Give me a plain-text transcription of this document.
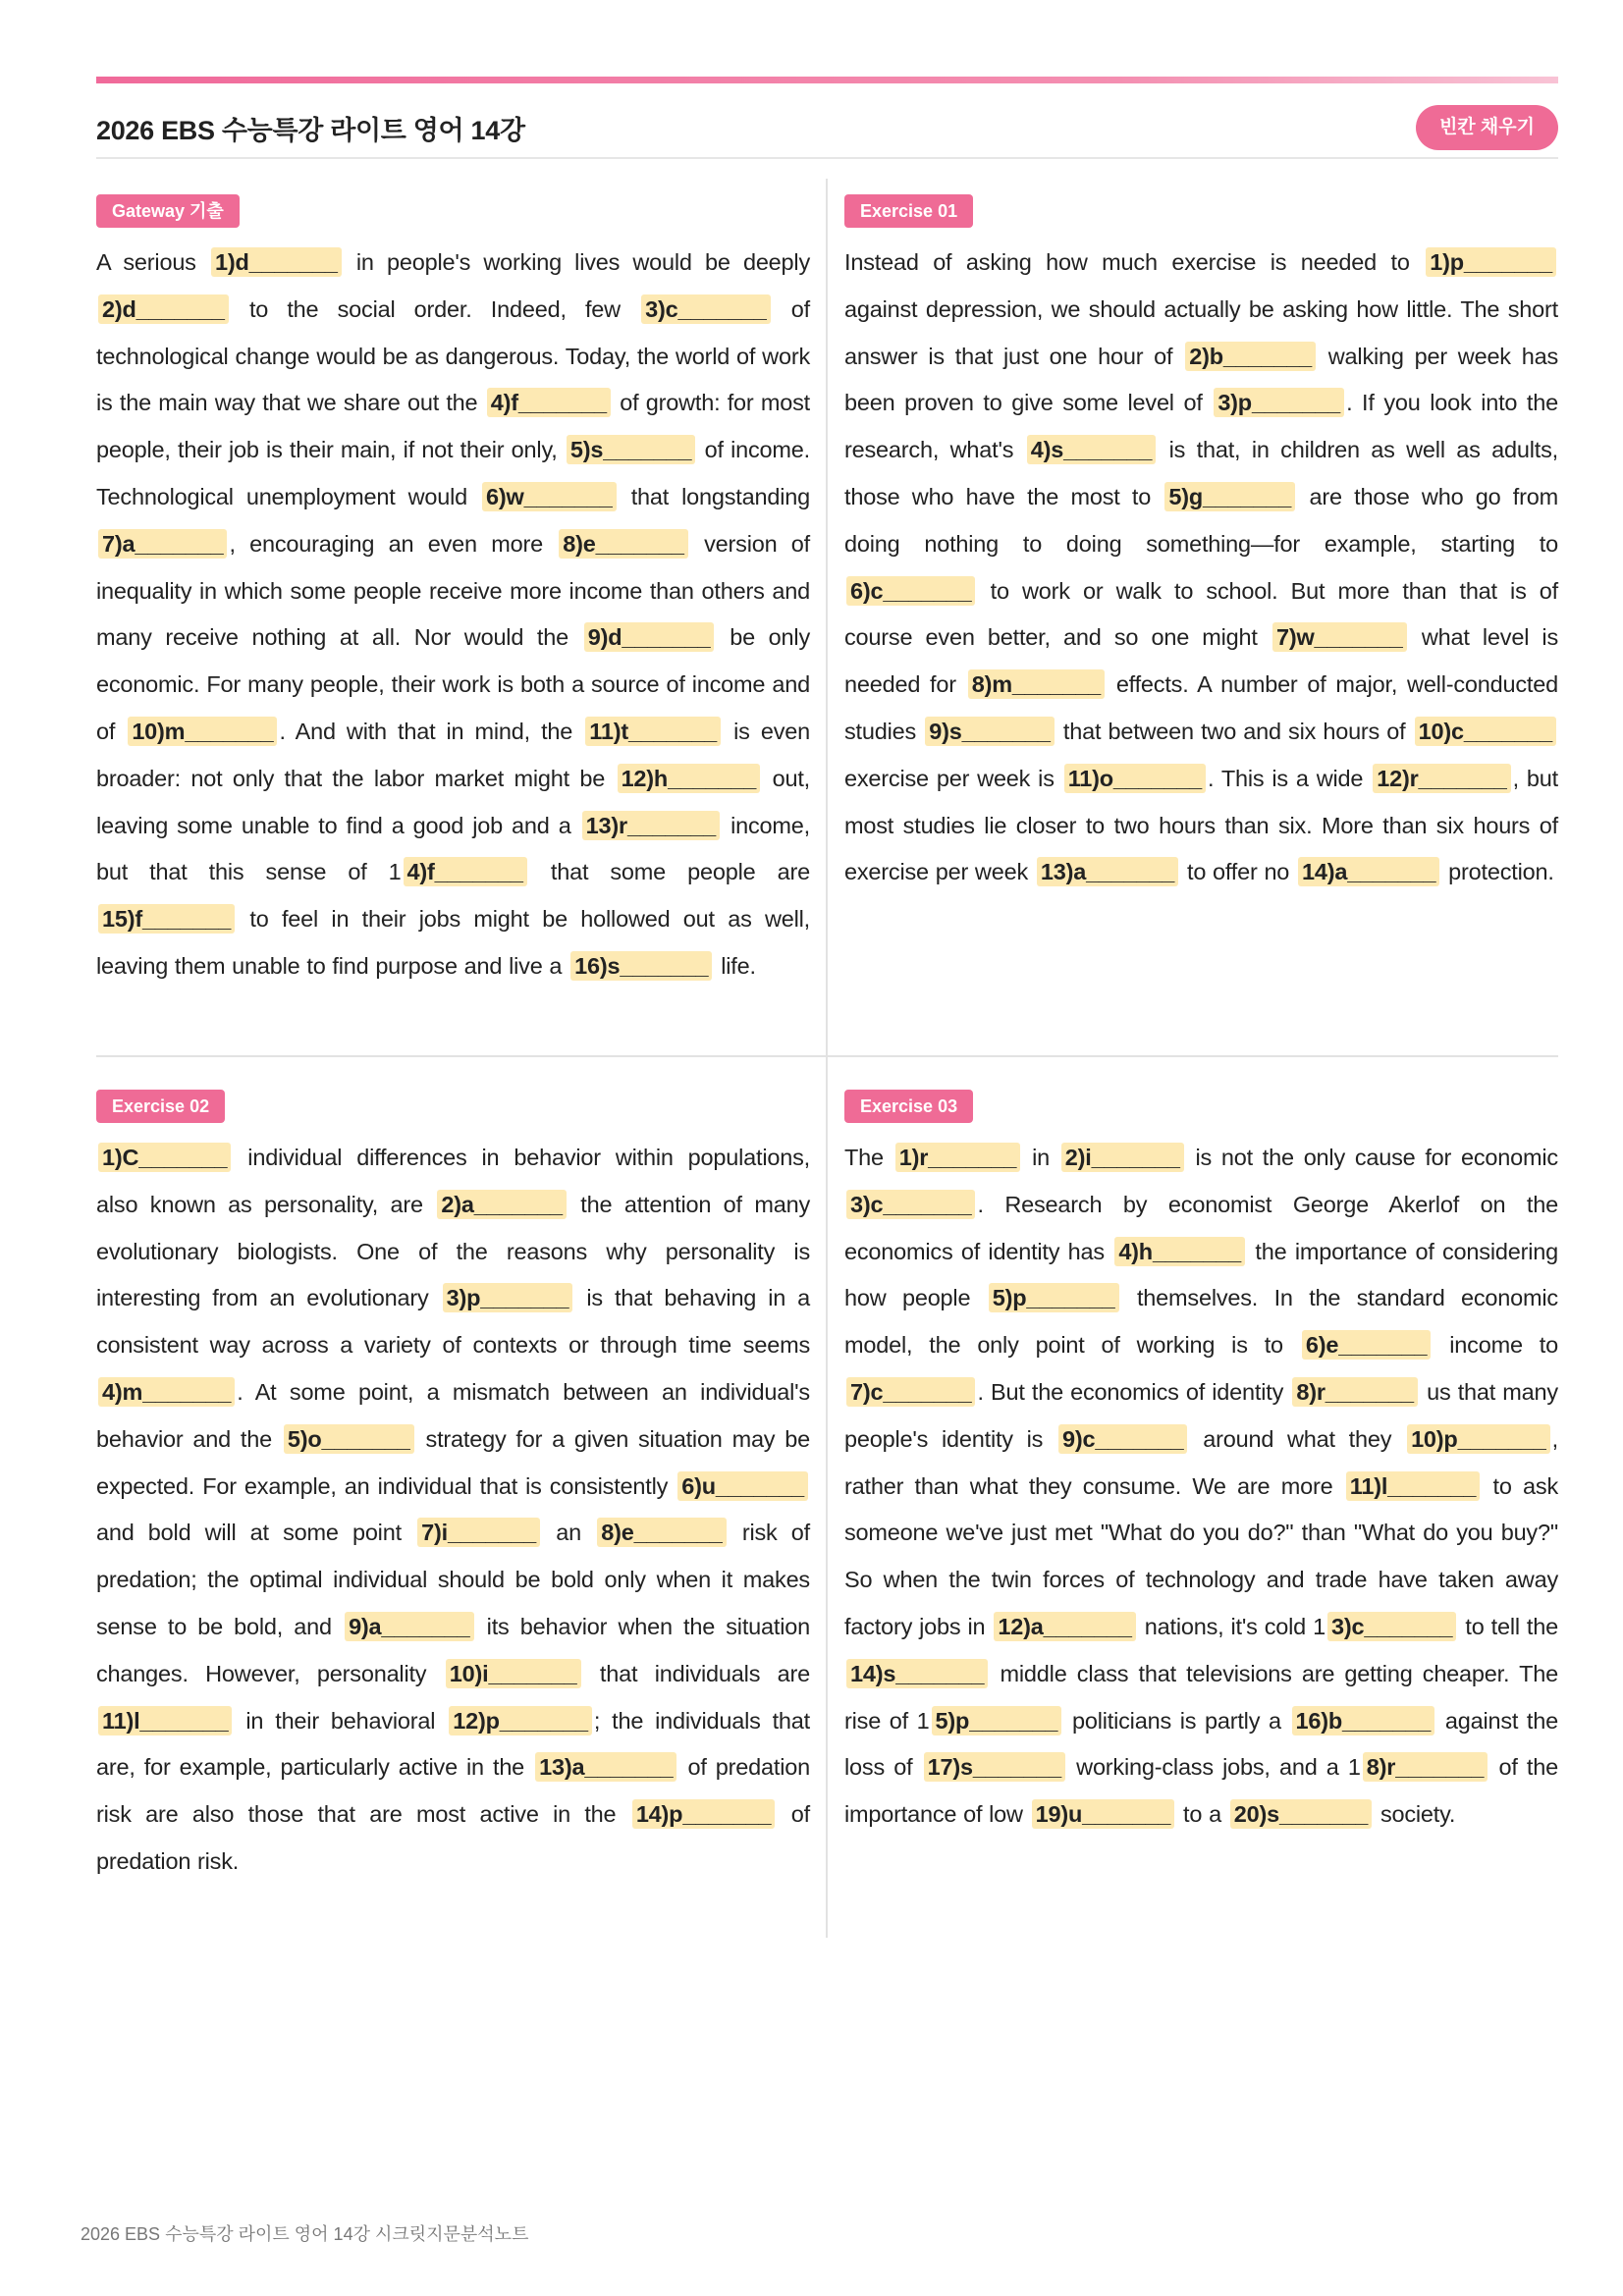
2026 EBS 수능특강 라이트 영어 14강	빈칸 채우기
Gateway 기출
A serious 1)d_______ in people's working lives would be deeply 2)d_______ to the social order. Indeed, few 3)c_______ of technological change would be as dangerous. Today, the world of work is the main way that we share out the 4)f_______ of growth: for most people, their job is their main, if not their only, 5)s_______ of income. Technological unemployment would 6)w_______ that longstanding 7)a_______ , encouraging an even more 8)e_______ version of inequality in which some people receive more income than others and many receive nothing at all. Nor would the 9)d_______ be only economic. For many people, their work is both a source of income and of 10)m_______ . And with that in mind, the 11)t_______ is even broader: not only that the labor market might be 12)h_______ out, leaving some unable to find a good job and a 13)r_______ income, but that this sense of 1 4)f_______ that some people are 15)f_______ to feel in their jobs might be hollowed out as well, leaving them unable to find purpose and live a 16)s_______ life.
Exercise 01
Instead of asking how much exercise is needed to 1)p_______ against depression, we should actually be asking how little. The short answer is that just one hour of 2)b_______ walking per week has been proven to give some level of 3)p_______ . If you look into the research, what's 4)s_______ is that, in children as well as adults, those who have the most to 5)g_______ are those who go from doing nothing to doing something—for example, starting to 6)c_______ to work or walk to school. But more than that is of course even better, and so one might 7)w_______ what level is needed for 8)m_______ effects. A number of major, well-conducted studies 9)s_______ that between two and six hours of 10)c_______ exercise per week is 11)o_______ . This is a wide 12)r_______ , but most studies lie closer to two hours than six. More than six hours of exercise per week 13)a_______ to offer no 14)a_______ protection.
Exercise 02
1)C_______ individual differences in behavior within populations, also known as personality, are 2)a_______ the attention of many evolutionary biologists. One of the reasons why personality is interesting from an evolutionary 3)p_______ is that behaving in a consistent way across a variety of contexts or through time seems 4)m_______ . At some point, a mismatch between an individual's behavior and the 5)o_______ strategy for a given situation may be expected. For example, an individual that is consistently 6)u_______ and bold will at some point 7)i_______ an 8)e_______ risk of predation; the optimal individual should be bold only when it makes sense to be bold, and 9)a_______ its behavior when the situation changes. However, personality 10)i_______ that individuals are 11)l_______ in their behavioral 12)p_______ ; the individuals that are, for example, particularly active in the 13)a_______ of predation risk are also those that are most active in the 14)p_______ of predation risk.
Exercise 03
The 1)r_______ in 2)i_______ is not the only cause for economic 3)c_______ . Research by economist George Akerlof on the economics of identity has 4)h_______ the importance of considering how people 5)p_______ themselves. In the standard economic model, the only point of working is to 6)e_______ income to 7)c_______ . But the economics of identity 8)r_______ us that many people's identity is 9)c_______ around what they 10)p_______ , rather than what they consume. We are more 11)l_______ to ask someone we've just met "What do you do?" than "What do you buy?" So when the twin forces of technology and trade have taken away factory jobs in 12)a_______ nations, it's cold 1 3)c_______ to tell the 14)s_______ middle class that televisions are getting cheaper. The rise of 1 5)p_______ politicians is partly a 16)b_______ against the loss of 17)s_______ working-class jobs, and a 1 8)r_______ of the importance of low 19)u_______ to a 20)s_______ society.
2026 EBS 수능특강 라이트 영어 14강 시크릿지문분석노트
